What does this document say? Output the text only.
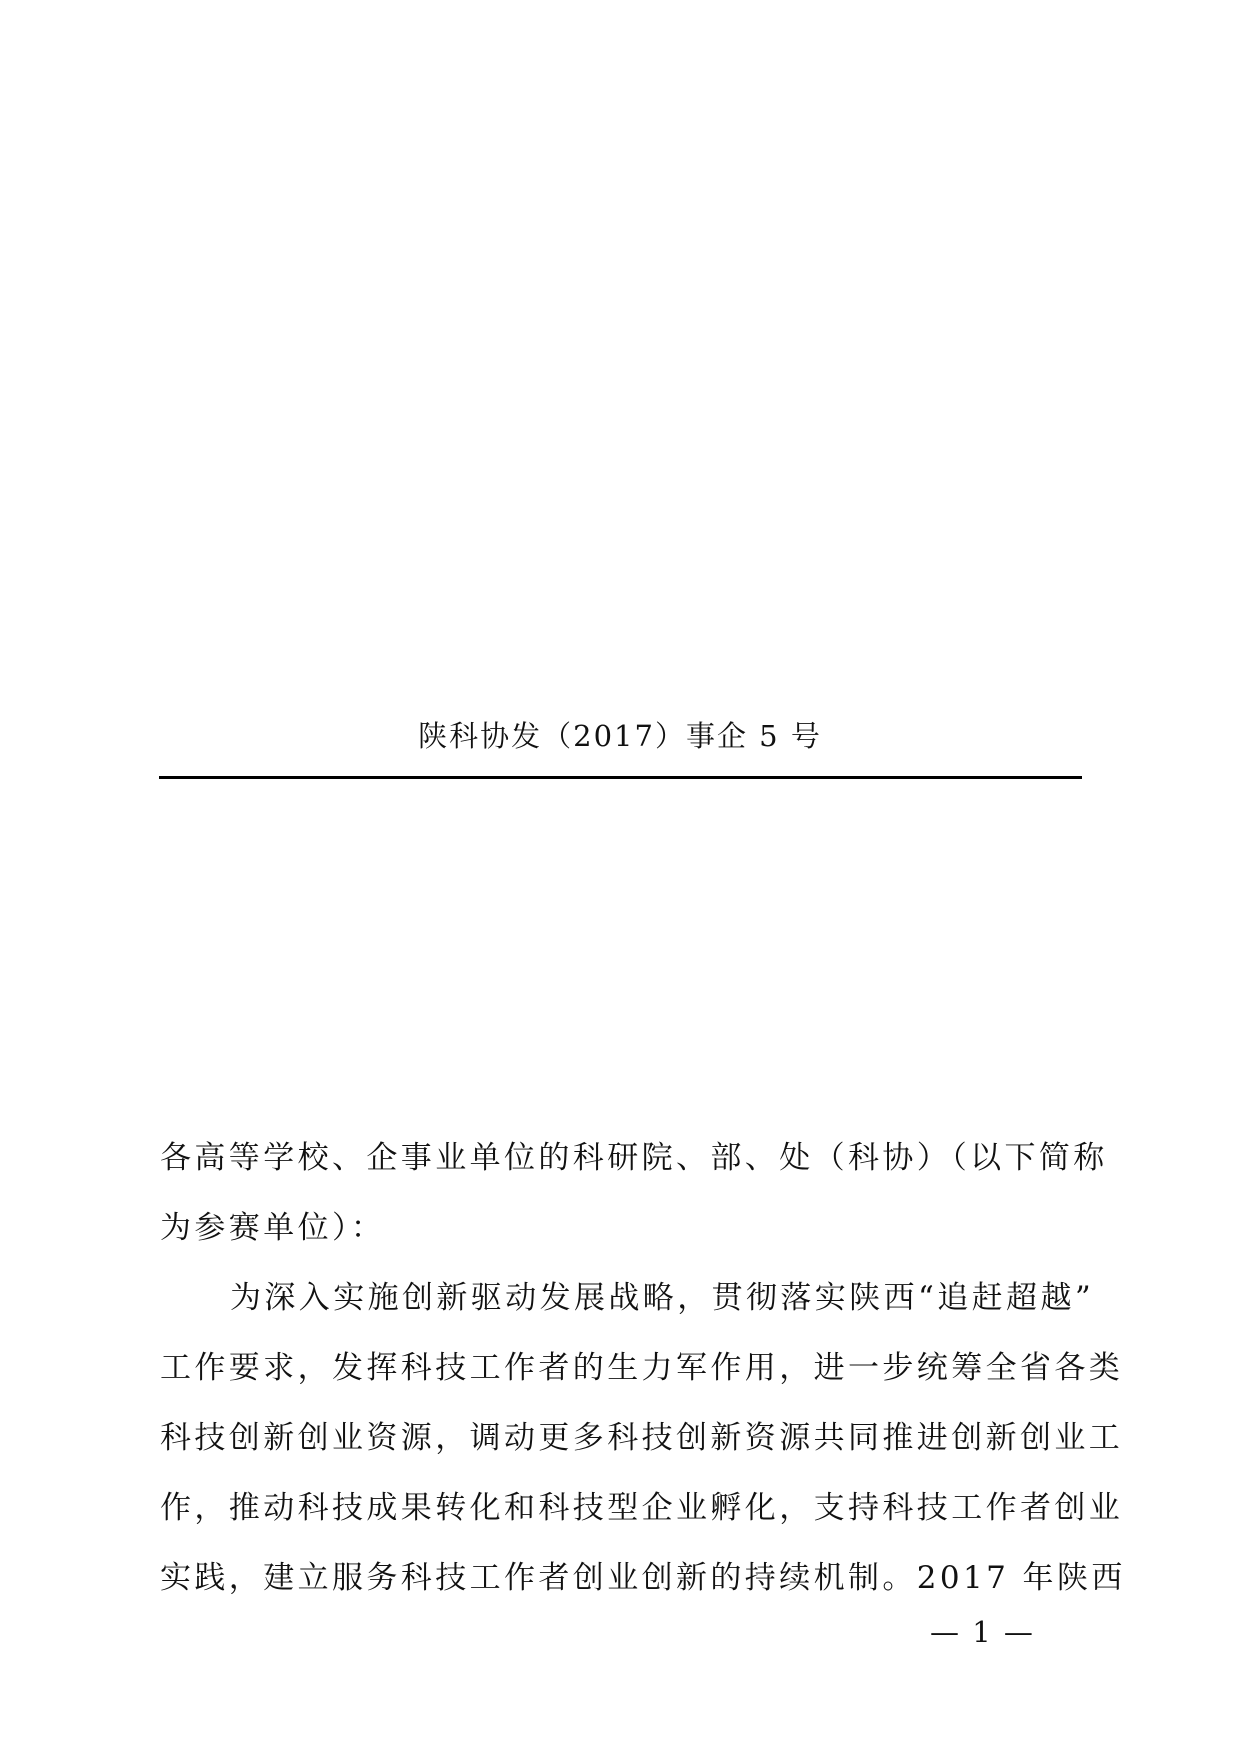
陕科协发（2017）事企 5 号
各高等学校、企事业单位的科研院、部、处（科协）（以下简称
为参赛单位）：
为深入实施创新驱动发展战略，贯彻落实陕西“追赶超越”
工作要求，发挥科技工作者的生力军作用，进一步统筹全省各类
科技创新创业资源，调动更多科技创新资源共同推进创新创业工
作，推动科技成果转化和科技型企业孵化，支持科技工作者创业
实践，建立服务科技工作者创业创新的持续机制。2017 年陕西
— 1 —
